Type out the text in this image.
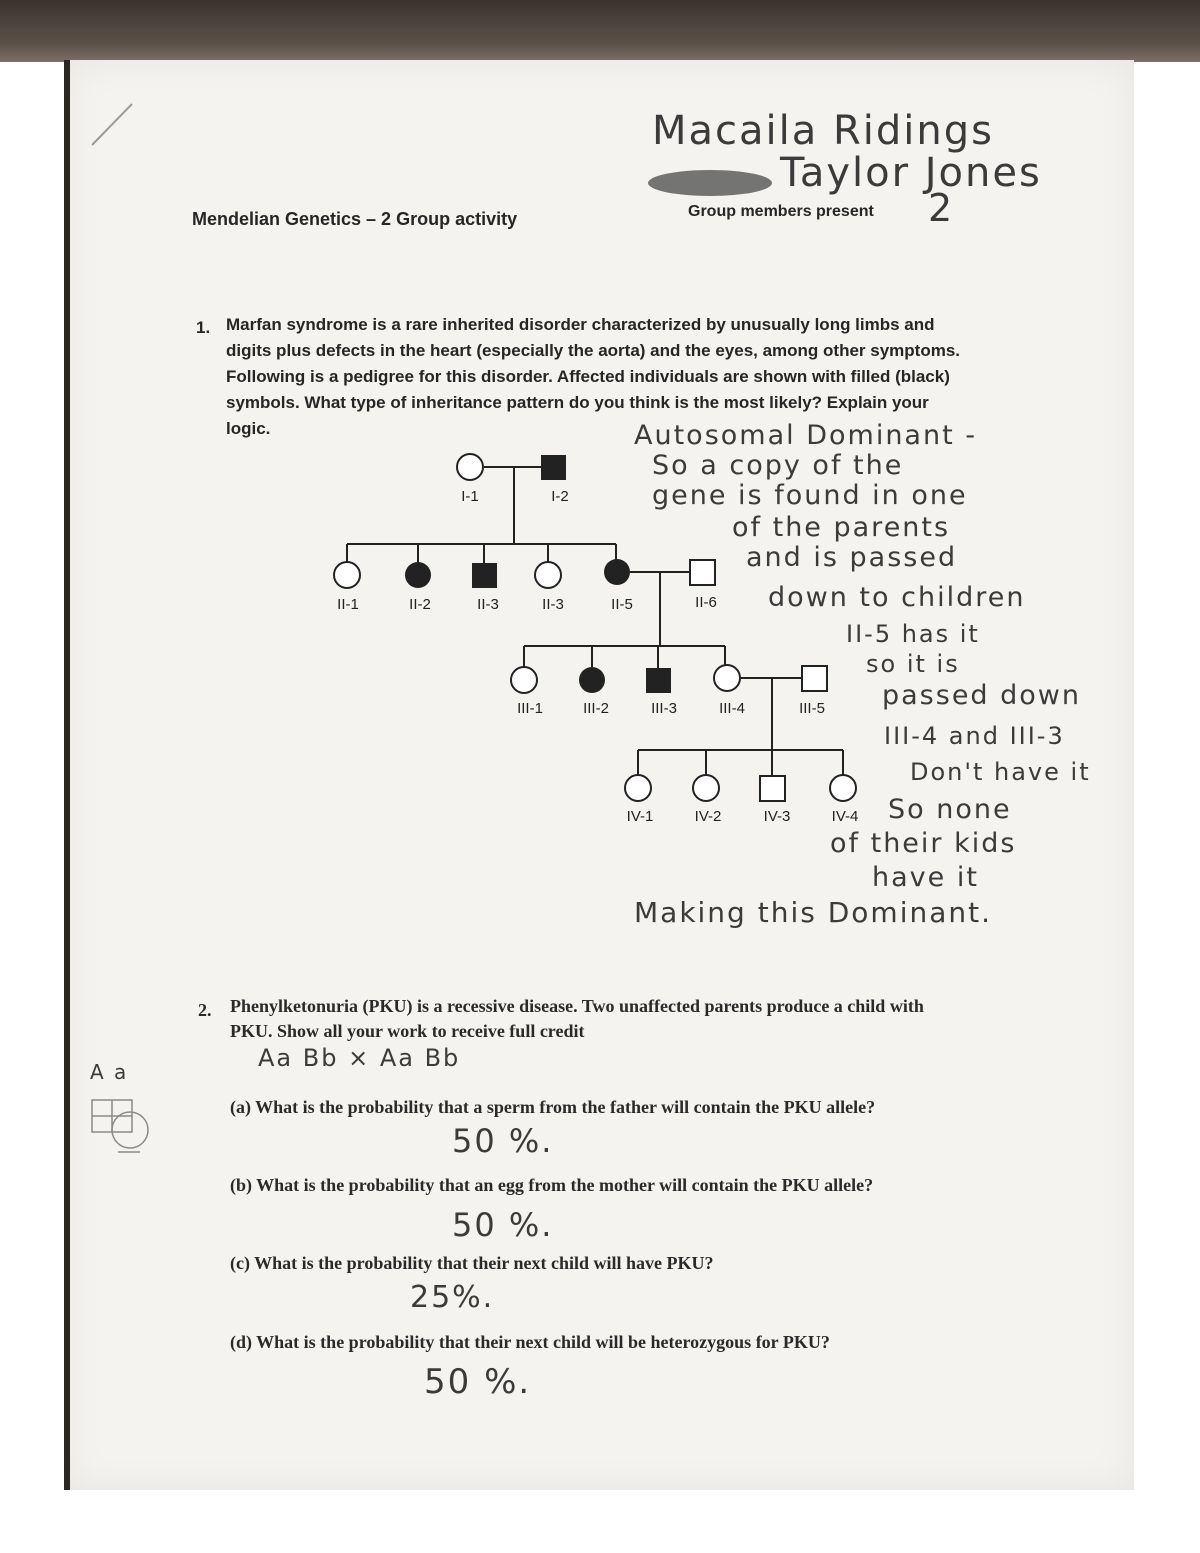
Macaila Ridings
Taylor Jones
Mendelian Genetics – 2 Group activity	Group members present 2
1. Marfan syndrome is a rare inherited disorder characterized by unusually long limbs and
digits plus defects in the heart (especially the aorta) and the eyes, among other symptoms.
Following is a pedigree for this disorder. Affected individuals are shown with filled (black)
symbols. What type of inheritance pattern do you think is the most likely? Explain your
logic.	Autosomal Dominant -
So a copy of the
gene is found in one
of the parents
and is passed
down to children
II-5 has it
so it is
passed down
III-4 and III-3
Don't have it
So none
of their kids
have it
Making this Dominant.
I-1	I-2
II-1	II-2	II-3	II-3	II-5	II-6
III-1	III-2	III-3	III-4	III-5
IV-1	IV-2	IV-3	IV-4
2. Phenylketonuria (PKU) is a recessive disease. Two unaffected parents produce a child with
PKU. Show all your work to receive full credit
Aa Bb × Aa Bb
A a
(a) What is the probability that a sperm from the father will contain the PKU allele?
50 %.
(b) What is the probability that an egg from the mother will contain the PKU allele?
50 %.
(c) What is the probability that their next child will have PKU?
25%.
(d) What is the probability that their next child will be heterozygous for PKU?
50 %.
